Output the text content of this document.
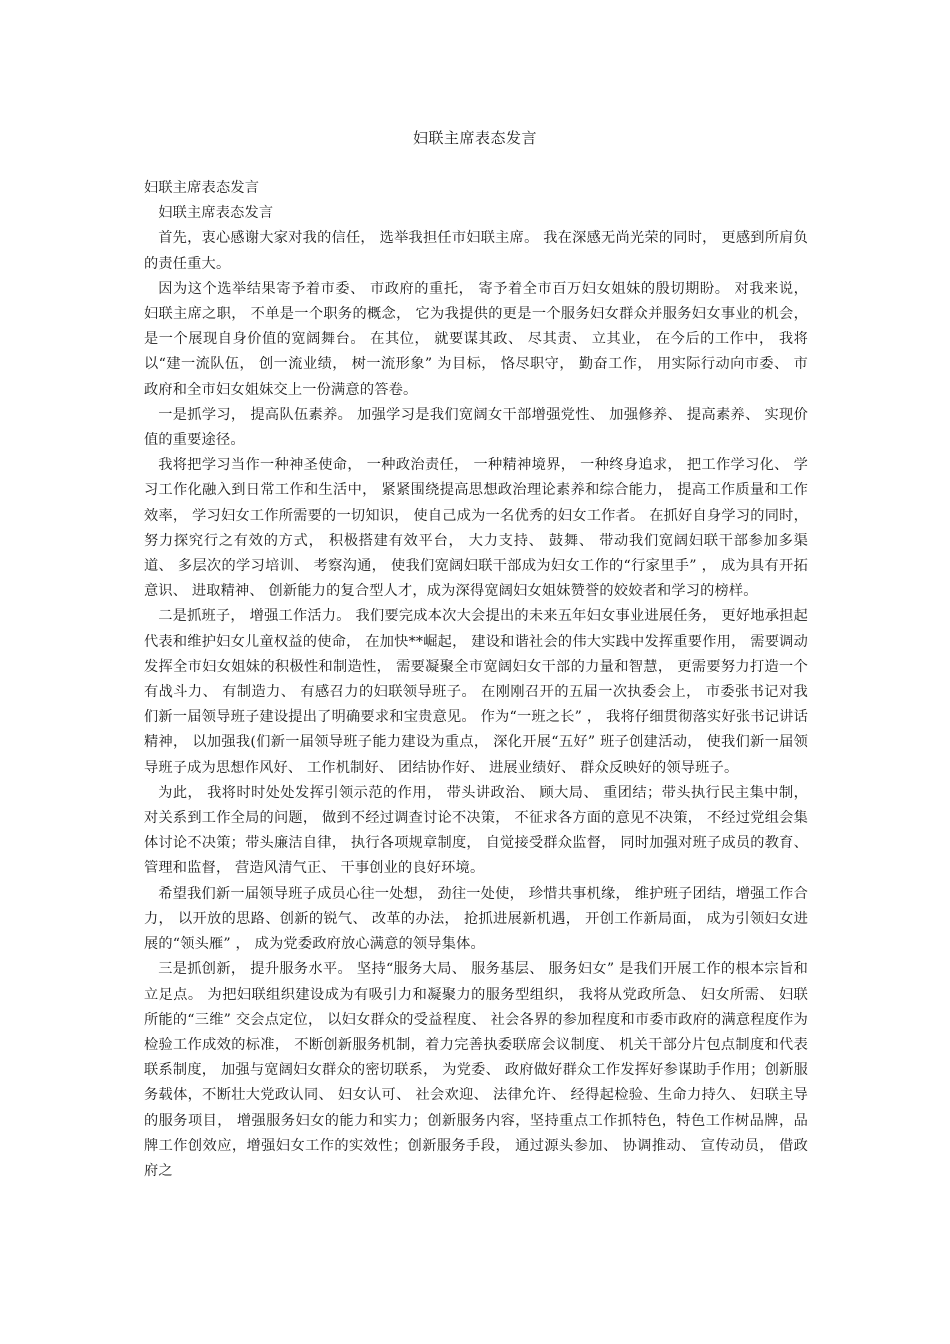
妇联主席表态发言

妇联主席表态发言

妇联主席表态发言

首先，衷心感谢大家对我的信任， 选举我担任市妇联主席。 我在深感无尚光荣的同时， 更感到所肩负的责任重大。

因为这个选举结果寄予着市委、 市政府的重托， 寄予着全市百万妇女姐妹的殷切期盼。 对我来说， 妇联主席之职， 不单是一个职务的概念， 它为我提供的更是一个服务妇女群众并服务妇女事业的机会， 是一个展现自身价值的宽阔舞台。 在其位， 就要谋其政、 尽其责、 立其业， 在今后的工作中， 我将以“建一流队伍， 创一流业绩， 树一流形象” 为目标， 恪尽职守， 勤奋工作， 用实际行动向市委、 市政府和全市妇女姐妹交上一份满意的答卷。

一是抓学习， 提高队伍素养。 加强学习是我们宽阔女干部增强党性、 加强修养、 提高素养、 实现价值的重要途径。

我将把学习当作一种神圣使命， 一种政治责任， 一种精神境界， 一种终身追求， 把工作学习化、 学习工作化融入到日常工作和生活中， 紧紧围绕提高思想政治理论素养和综合能力， 提高工作质量和工作效率， 学习妇女工作所需要的一切知识， 使自己成为一名优秀的妇女工作者。 在抓好自身学习的同时， 努力探究行之有效的方式， 积极搭建有效平台， 大力支持、 鼓舞、 带动我们宽阔妇联干部参加多渠道、 多层次的学习培训、 考察沟通， 使我们宽阔妇联干部成为妇女工作的“行家里手” ， 成为具有开拓意识、 进取精神、 创新能力的复合型人才，成为深得宽阔妇女姐妹赞誉的姣姣者和学习的榜样。

二是抓班子， 增强工作活力。 我们要完成本次大会提出的未来五年妇女事业进展任务， 更好地承担起代表和维护妇女儿童权益的使命， 在加快**崛起， 建设和谐社会的伟大实践中发挥重要作用， 需要调动发挥全市妇女姐妹的积极性和制造性， 需要凝聚全市宽阔妇女干部的力量和智慧， 更需要努力打造一个有战斗力、 有制造力、 有感召力的妇联领导班子。 在刚刚召开的五届一次执委会上， 市委张书记对我们新一届领导班子建设提出了明确要求和宝贵意见。 作为“一班之长” ， 我将仔细贯彻落实好张书记讲话精神， 以加强我(们新一届领导班子能力建设为重点， 深化开展“五好” 班子创建活动， 使我们新一届领导班子成为思想作风好、 工作机制好、 团结协作好、 进展业绩好、 群众反映好的领导班子。

为此， 我将时时处处发挥引领示范的作用， 带头讲政治、 顾大局、 重团结；带头执行民主集中制， 对关系到工作全局的问题， 做到不经过调查讨论不决策， 不征求各方面的意见不决策， 不经过党组会集体讨论不决策；带头廉洁自律， 执行各项规章制度， 自觉接受群众监督， 同时加强对班子成员的教育、 管理和监督， 营造风清气正、 干事创业的良好环境。

希望我们新一届领导班子成员心往一处想， 劲往一处使， 珍惜共事机缘， 维护班子团结，增强工作合力， 以开放的思路、创新的锐气、 改革的办法， 抢抓进展新机遇， 开创工作新局面， 成为引领妇女进展的“领头雁” ， 成为党委政府放心满意的领导集体。

三是抓创新， 提升服务水平。 坚持“服务大局、 服务基层、 服务妇女” 是我们开展工作的根本宗旨和立足点。 为把妇联组织建设成为有吸引力和凝聚力的服务型组织， 我将从党政所急、 妇女所需、 妇联所能的“三维” 交会点定位， 以妇女群众的受益程度、 社会各界的参加程度和市委市政府的满意程度作为检验工作成效的标准， 不断创新服务机制，着力完善执委联席会议制度、 机关干部分片包点制度和代表联系制度， 加强与宽阔妇女群众的密切联系， 为党委、 政府做好群众工作发挥好参谋助手作用；创新服务载体，不断壮大党政认同、 妇女认可、 社会欢迎、 法律允许、 经得起检验、生命力持久、 妇联主导的服务项目， 增强服务妇女的能力和实力；创新服务内容，坚持重点工作抓特色，特色工作树品牌，品牌工作创效应，增强妇女工作的实效性；创新服务手段， 通过源头参加、 协调推动、 宣传动员， 借政府之
